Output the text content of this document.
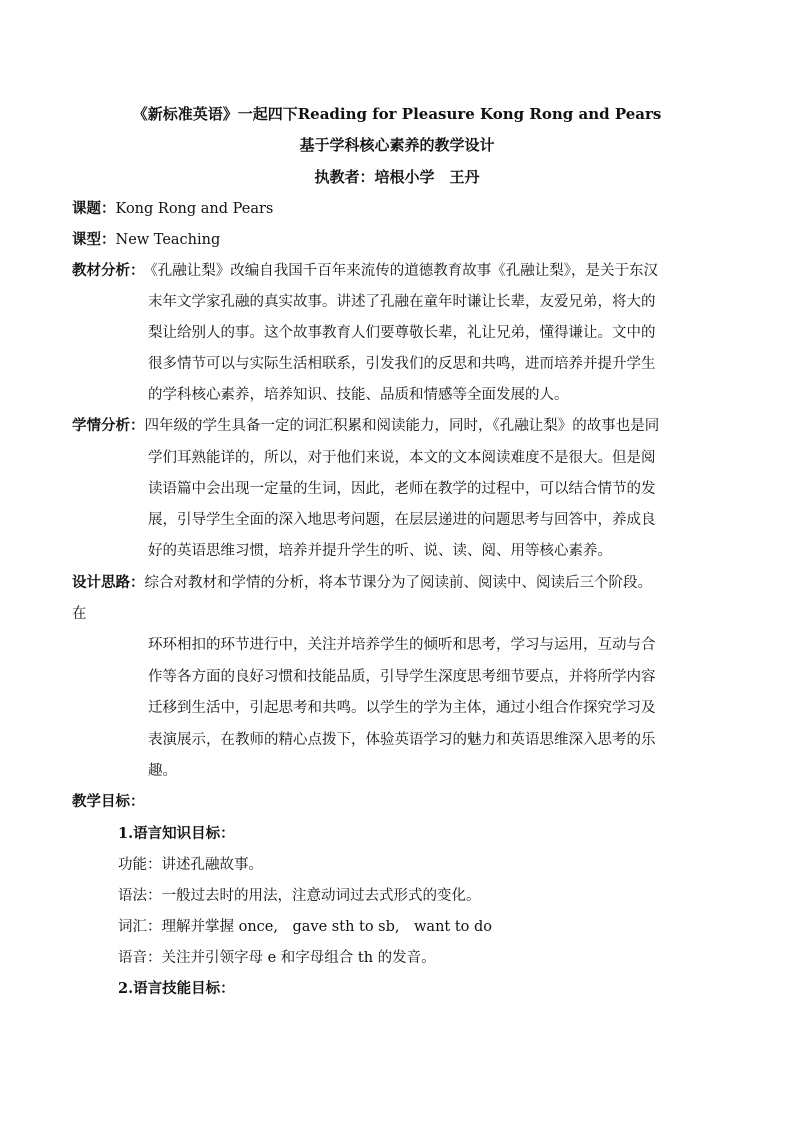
《新标准英语》一起四下Reading for Pleasure Kong Rong and Pears
基于学科核心素养的教学设计
执教者：培根小学　王丹
课题：Kong Rong and Pears
课型：New Teaching
教材分析： 《孔融让梨》改编自我国千百年来流传的道德教育故事《孔融让梨》，是关于东汉
末年文学家孔融的真实故事。讲述了孔融在童年时谦让长辈，友爱兄弟，将大的
梨让给别人的事。这个故事教育人们要尊敬长辈，礼让兄弟，懂得谦让。文中的
很多情节可以与实际生活相联系，引发我们的反思和共鸣，进而培养并提升学生
的学科核心素养，培养知识、技能、品质和情感等全面发展的人。
学情分析：四年级的学生具备一定的词汇积累和阅读能力，同时，《孔融让梨》的故事也是同
学们耳熟能详的，所以，对于他们来说，本文的文本阅读难度不是很大。但是阅
读语篇中会出现一定量的生词，因此，老师在教学的过程中，可以结合情节的发
展，引导学生全面的深入地思考问题，在层层递进的问题思考与回答中，养成良
好的英语思维习惯，培养并提升学生的听、说、读、阅、用等核心素养。
设计思路：综合对教材和学情的分析，将本节课分为了阅读前、阅读中、阅读后三个阶段。
在
环环相扣的环节进行中，关注并培养学生的倾听和思考，学习与运用，互动与合
作等各方面的良好习惯和技能品质，引导学生深度思考细节要点，并将所学内容
迁移到生活中，引起思考和共鸣。以学生的学为主体，通过小组合作探究学习及
表演展示，在教师的精心点拨下，体验英语学习的魅力和英语思维深入思考的乐
趣。
教学目标：
1.语言知识目标：
功能：讲述孔融故事。
语法：一般过去时的用法，注意动词过去式形式的变化。
词汇：理解并掌握 once,　gave sth to sb,　want to do
语音：关注并引领字母 e 和字母组合 th 的发音。
2.语言技能目标：
